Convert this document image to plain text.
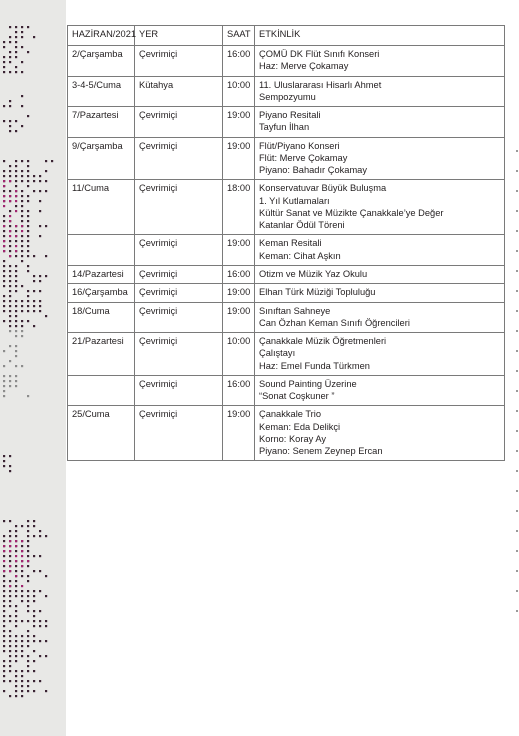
HAZİRAN/2021	YER	SAAT	ETKİNLİK
2/Çarşamba	Çevrimiçi	16:00	ÇOMÜ DK Flüt Sınıfı Konseri
Haz: Merve Çokamay

3-4-5/Cuma	Kütahya	10:00	11. Uluslararası Hisarlı Ahmet
Sempozyumu

7/Pazartesi	Çevrimiçi	19:00	Piyano Resitali
Tayfun İlhan

9/Çarşamba	Çevrimiçi	19:00	Flüt/Piyano Konseri
Flüt: Merve Çokamay
Piyano: Bahadır Çokamay

11/Cuma	Çevrimiçi	18:00	Konservatuvar Büyük Buluşma
1. Yıl Kutlamaları
Kültür Sanat ve Müzikte Çanakkale’ye Değer
Katanlar Ödül Töreni

	Çevrimiçi	19:00	Keman Resitali
Keman: Cihat Aşkın

14/Pazartesi	Çevrimiçi	16:00	Otizm ve Müzik Yaz Okulu

16/Çarşamba	Çevrimiçi	19:00	Elhan Türk Müziği Topluluğu

18/Cuma	Çevrimiçi	19:00	Sınıftan Sahneye
Can Özhan Keman Sınıfı Öğrencileri

21/Pazartesi	Çevrimiçi	10:00	Çanakkale Müzik Öğretmenleri
Çalıştayı
Haz: Emel Funda Türkmen

	Çevrimiçi	16:00	Sound Painting Üzerine
“Sonat Coşkuner ”

25/Cuma	Çevrimiçi	19:00	Çanakkale Trio
Keman: Eda Delikçi
Korno: Koray Ay
Piyano: Senem Zeynep Ercan
